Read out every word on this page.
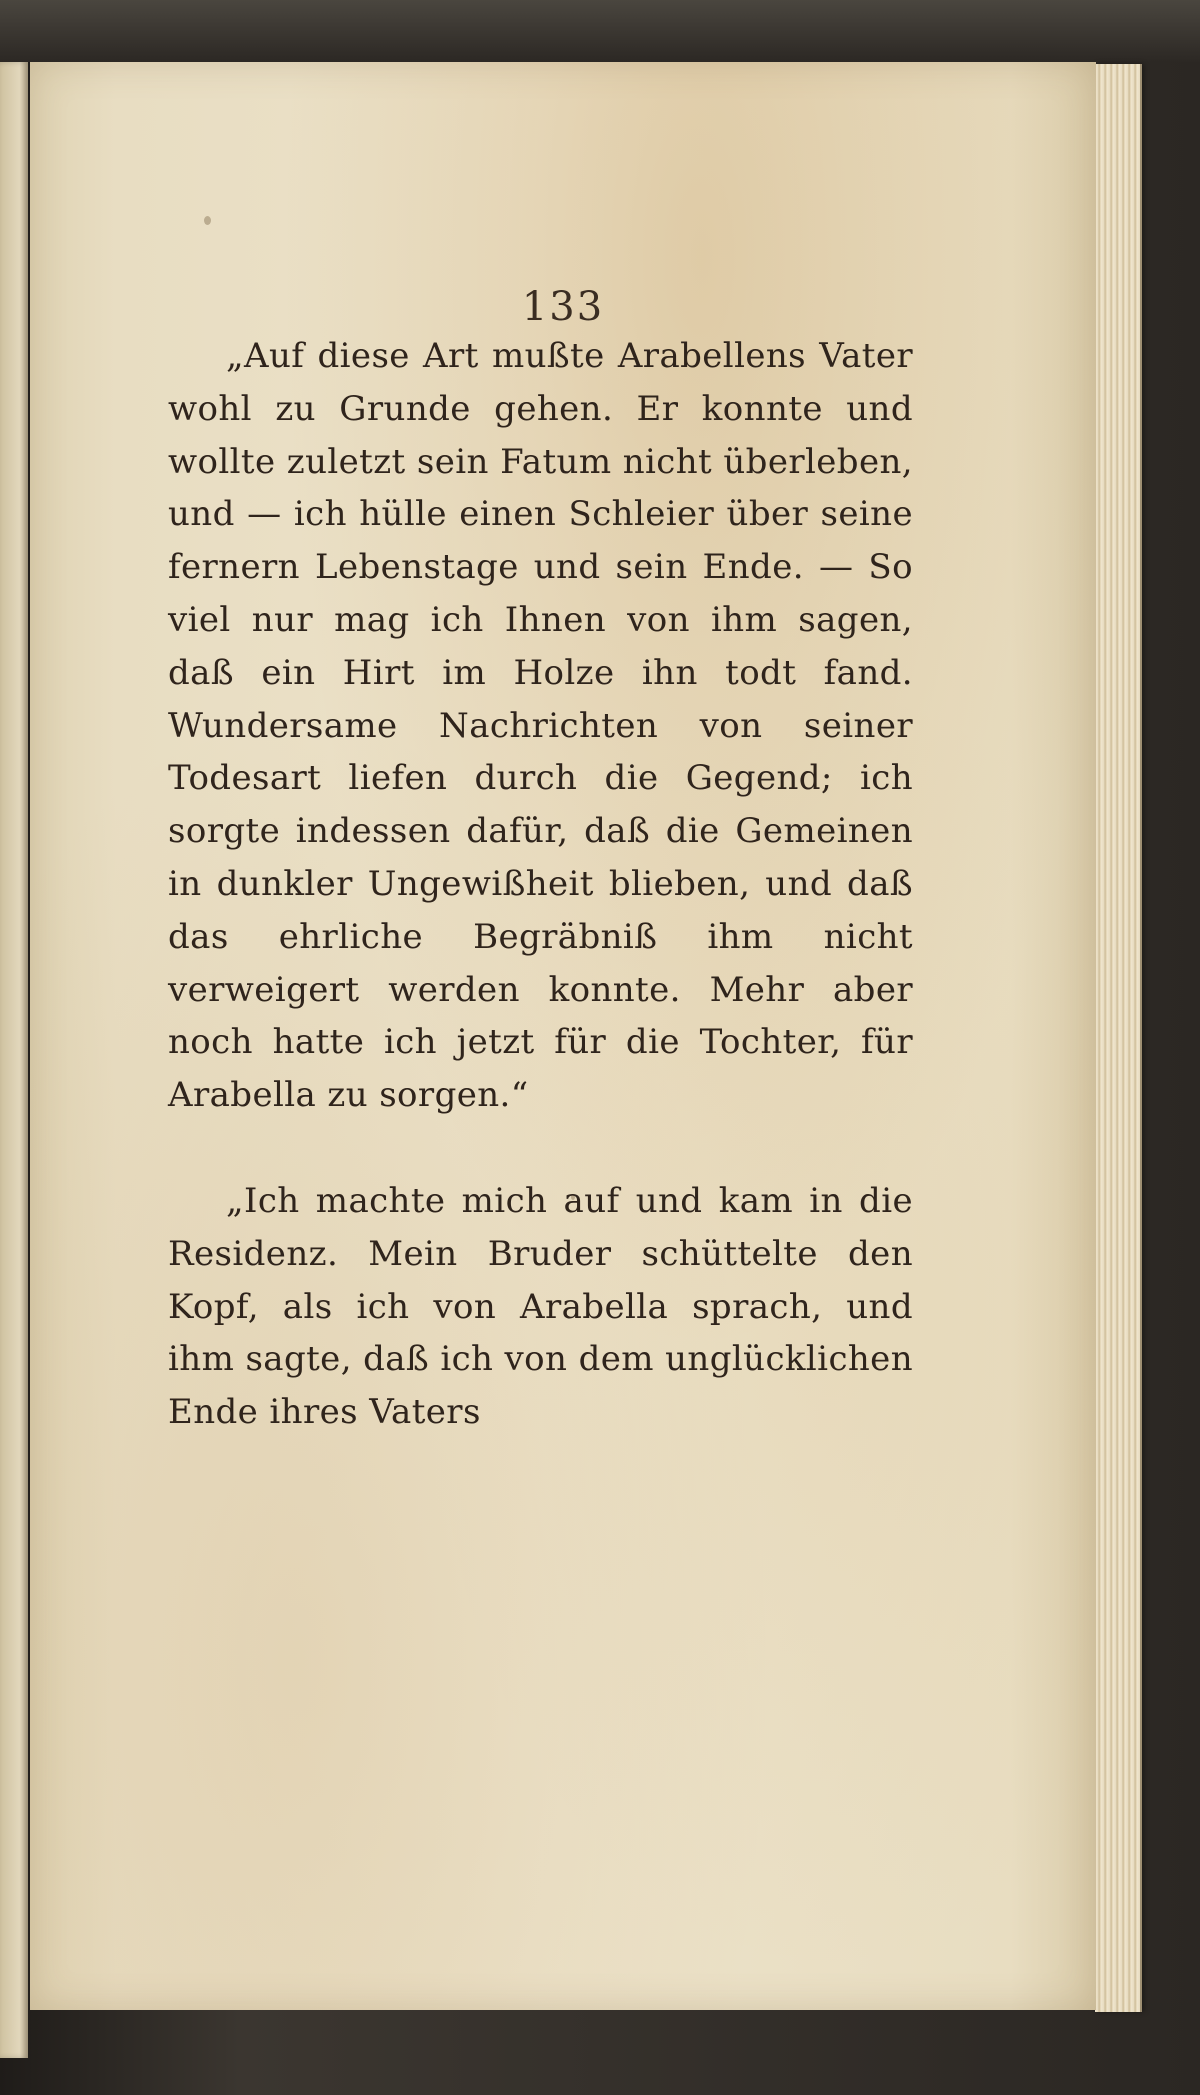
133

„Auf diese Art mußte Arabellens Vater wohl zu Grunde gehen. Er konnte und wollte zuletzt sein Fatum nicht überleben, und — ich hülle einen Schleier über seine fernern Lebenstage und sein Ende. — So viel nur mag ich Ihnen von ihm sagen, daß ein Hirt im Holze ihn todt fand. Wundersame Nachrichten von seiner Todesart liefen durch die Gegend; ich sorgte indessen dafür, daß die Gemeinen in dunkler Ungewißheit blieben, und daß das ehrliche Begräbniß ihm nicht verweigert werden konnte. Mehr aber noch hatte ich jetzt für die Tochter, für Arabella zu sorgen.“

„Ich machte mich auf und kam in die Residenz. Mein Bruder schüttelte den Kopf, als ich von Arabella sprach, und ihm sagte, daß ich von dem unglücklichen Ende ihres Vaters
